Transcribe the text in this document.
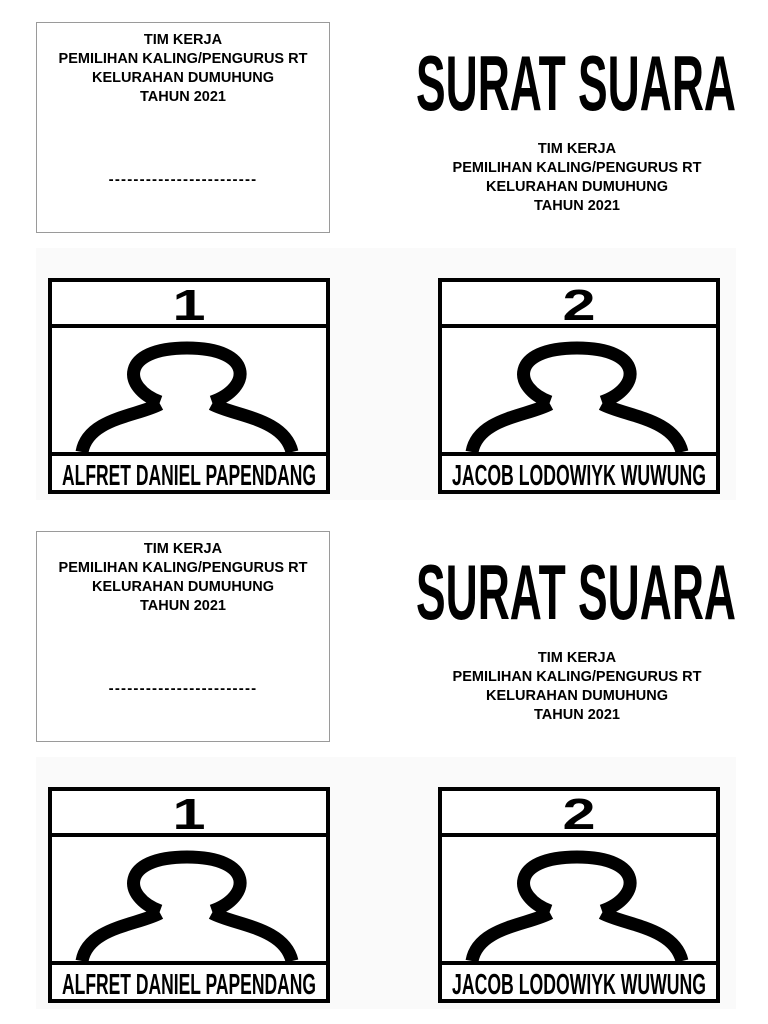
TIM KERJA
PEMILIHAN KALING/PENGURUS RT
KELURAHAN DUMUHUNG
TAHUN 2021
------------------------
SURAT SUARA
TIM KERJA
PEMILIHAN KALING/PENGURUS RT
KELURAHAN DUMUHUNG
TAHUN 2021
1
ALFRET DANIEL PAPENDANG
2
JACOB LODOWIYK WUWUNG
TIM KERJA
PEMILIHAN KALING/PENGURUS RT
KELURAHAN DUMUHUNG
TAHUN 2021
------------------------
SURAT SUARA
TIM KERJA
PEMILIHAN KALING/PENGURUS RT
KELURAHAN DUMUHUNG
TAHUN 2021
1
ALFRET DANIEL PAPENDANG
2
JACOB LODOWIYK WUWUNG
